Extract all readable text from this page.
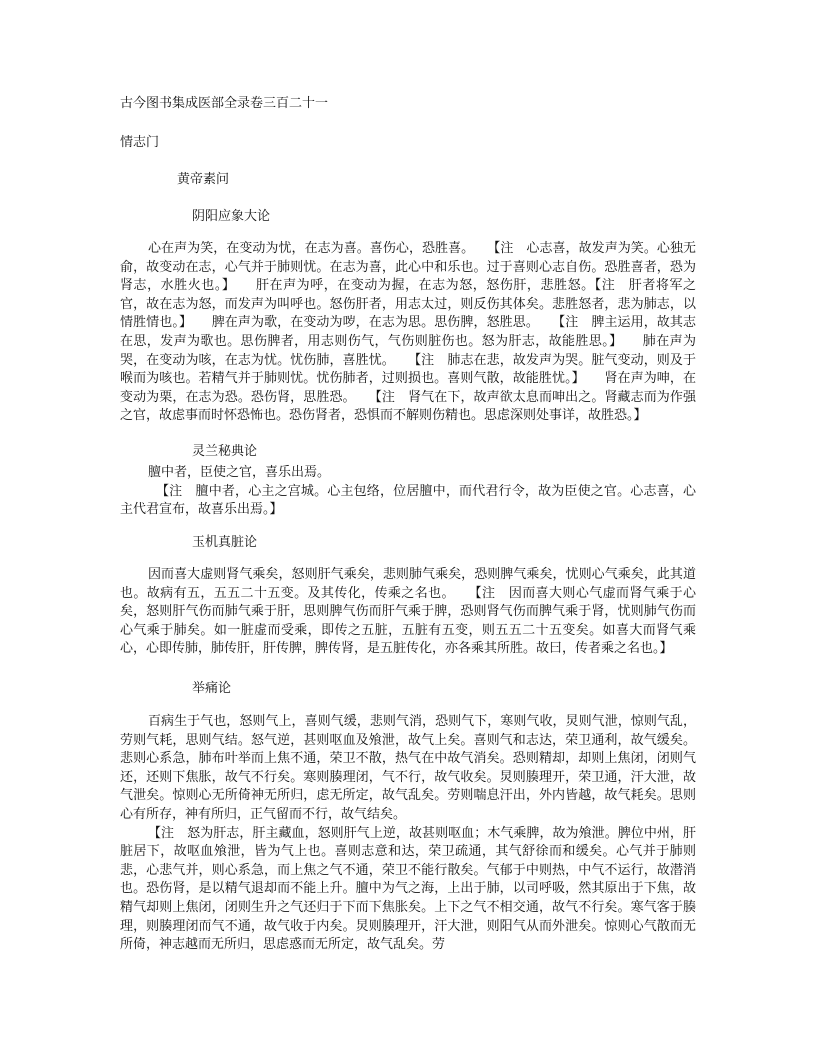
古今图书集成医部全录卷三百二十一
情志门
黄帝素问
阴阳应象大论

心在声为笑，在变动为忧，在志为喜。喜伤心，恐胜喜。　　【注　心志喜，故发声为笑。心独无俞，故变动在志，心气并于肺则忧。在志为喜，此心中和乐也。过于喜则心志自伤。恐胜喜者，恐为肾志，水胜火也。】　　肝在声为呼，在变动为握，在志为怒，怒伤肝，悲胜怒。【注　肝者将军之官，故在志为怒，而发声为叫呼也。怒伤肝者，用志太过，则反伤其体矣。悲胜怒者，悲为肺志，以情胜情也。】　　脾在声为歌，在变动为哕，在志为思。思伤脾，怒胜思。　　【注　脾主运用，故其志在思，发声为歌也。思伤脾者，用志则伤气，气伤则脏伤也。怒为肝志，故能胜思。】　　肺在声为哭，在变动为咳，在志为忧。忧伤肺，喜胜忧。　　【注　肺志在悲，故发声为哭。脏气变动，则及于喉而为咳也。若精气并于肺则忧。忧伤肺者，过则损也。喜则气散，故能胜忧。】　　肾在声为呻，在变动为栗，在志为恐。恐伤肾，思胜恐。　　【注　肾气在下，故声欲太息而呻出之。肾藏志而为作强之官，故虑事而时怀恐怖也。恐伤肾者，恐惧而不解则伤精也。思虑深则处事详，故胜恐。】

灵兰秘典论

膻中者，臣使之官，喜乐出焉。

【注　膻中者，心主之宫城。心主包络，位居膻中，而代君行令，故为臣使之官。心志喜，心主代君宣布，故喜乐出焉。】

玉机真脏论

因而喜大虚则肾气乘矣，怒则肝气乘矣，悲则肺气乘矣，恐则脾气乘矣，忧则心气乘矣，此其道也。故病有五，五五二十五变。及其传化，传乘之名也。　　【注　因而喜大则心气虚而肾气乘于心矣，怒则肝气伤而肺气乘于肝，思则脾气伤而肝气乘于脾，恐则肾气伤而脾气乘于肾，忧则肺气伤而心气乘于肺矣。如一脏虚而受乘，即传之五脏，五脏有五变，则五五二十五变矣。如喜大而肾气乘心，心即传肺，肺传肝，肝传脾，脾传肾，是五脏传化，亦各乘其所胜。故曰，传者乘之名也。】

举痛论

百病生于气也，怒则气上，喜则气缓，悲则气消，恐则气下，寒则气收，炅则气泄，惊则气乱，劳则气耗，思则气结。怒气逆，甚则呕血及飧泄，故气上矣。喜则气和志达，荣卫通利，故气缓矣。悲则心系急，肺布叶举而上焦不通，荣卫不散，热气在中故气消矣。恐则精却，却则上焦闭，闭则气还，还则下焦胀，故气不行矣。寒则腠理闭，气不行，故气收矣。炅则腠理开，荣卫通，汗大泄，故气泄矣。惊则心无所倚神无所归，虑无所定，故气乱矣。劳则喘息汗出，外内皆越，故气耗矣。思则心有所存，神有所归，正气留而不行，故气结矣。

【注　怒为肝志，肝主藏血，怒则肝气上逆，故甚则呕血；木气乘脾，故为飧泄。脾位中州，肝脏居下，故呕血飧泄，皆为气上也。喜则志意和达，荣卫疏通，其气舒徐而和缓矣。心气并于肺则悲，心悲气并，则心系急，而上焦之气不通，荣卫不能行散矣。气郁于中则热，中气不运行，故潜消也。恐伤肾，是以精气退却而不能上升。膻中为气之海，上出于肺，以司呼吸，然其原出于下焦，故精气却则上焦闭，闭则生升之气还归于下而下焦胀矣。上下之气不相交通，故气不行矣。寒气客于腠理，则腠理闭而气不通，故气收于内矣。炅则腠理开，汗大泄，则阳气从而外泄矣。惊则心气散而无所倚，神志越而无所归，思虑惑而无所定，故气乱矣。劳
